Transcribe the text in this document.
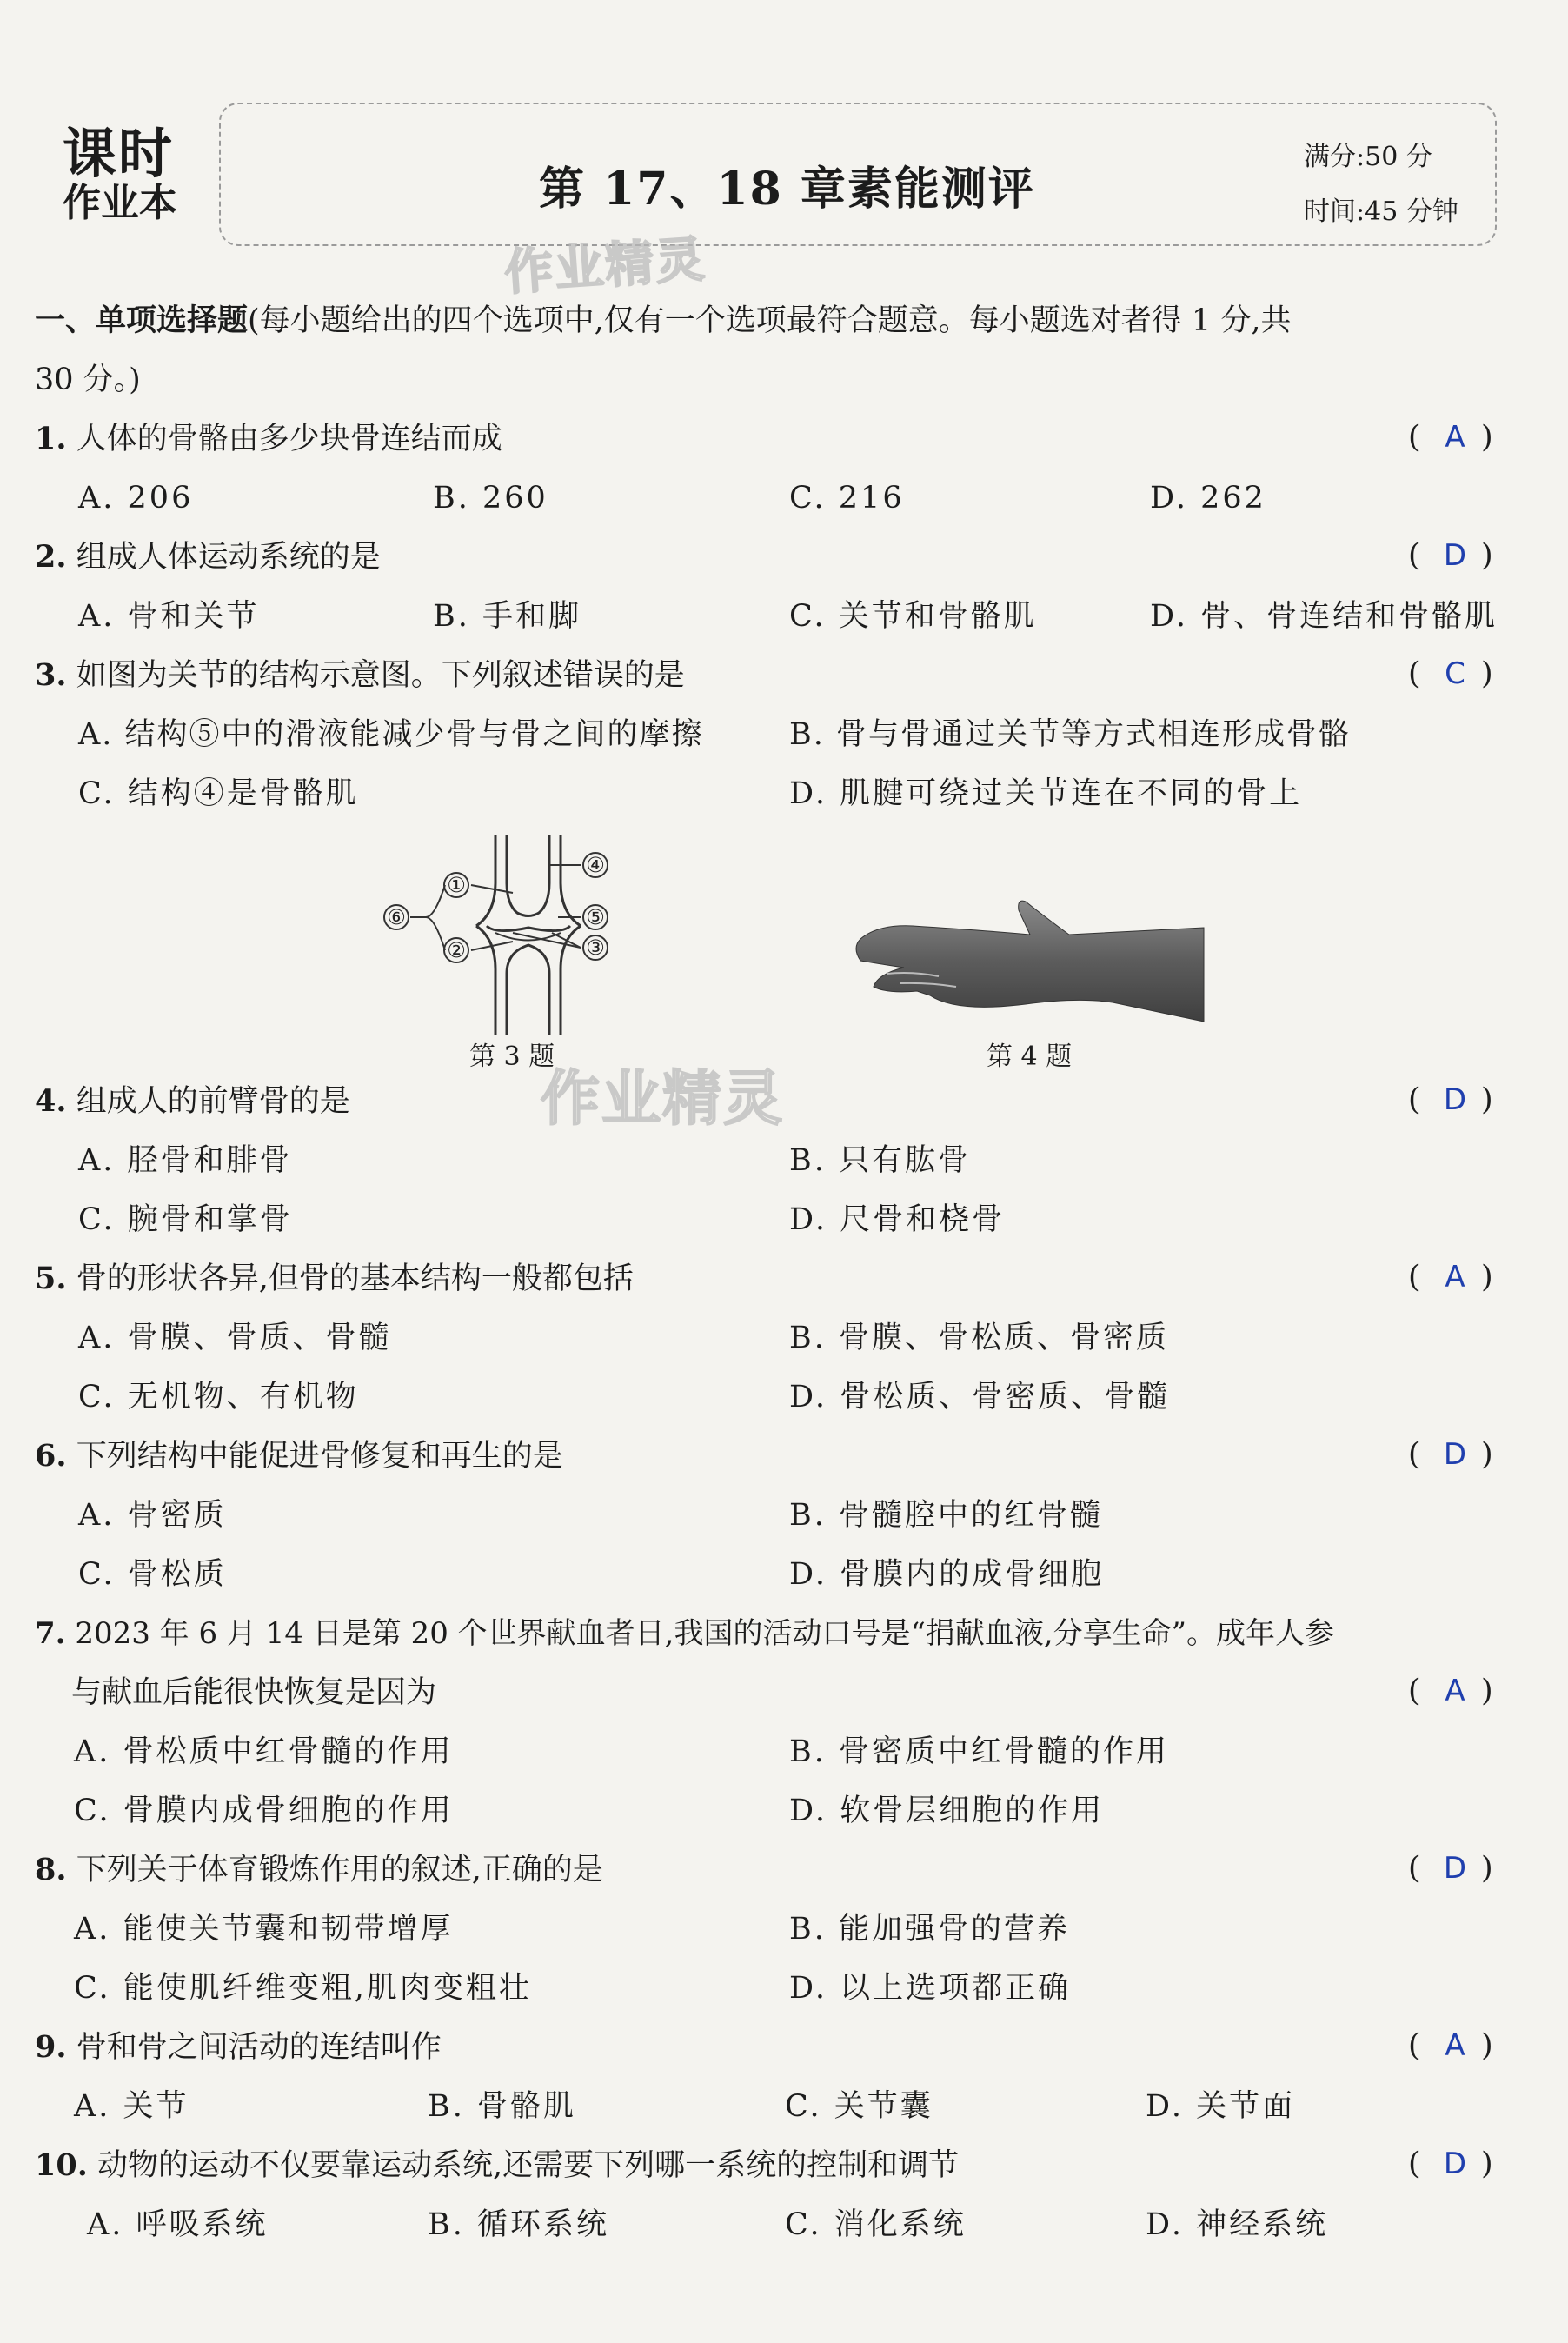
课时
作业本	第 17、18 章素能测评
满分:50 分
时间:45 分钟
作业精灵
作业精灵
一、单项选择题(每小题给出的四个选项中,仅有一个选项最符合题意。每小题选对者得 1 分,共
30 分。)
1. 人体的骨骼由多少块骨连结而成	( A )
A. 206	B. 260	C. 216	D. 262
2. 组成人体运动系统的是	( D )
A. 骨和关节	B. 手和脚	C. 关节和骨骼肌	D. 骨、骨连结和骨骼肌
3. 如图为关节的结构示意图。下列叙述错误的是	( C )
A. 结构⑤中的滑液能减少骨与骨之间的摩擦	B. 骨与骨通过关节等方式相连形成骨骼
C. 结构④是骨骼肌	D. 肌腱可绕过关节连在不同的骨上
①
②	③
④
⑤
⑥
第 3 题	第 4 题
4. 组成人的前臂骨的是	( D )
A. 胫骨和腓骨	B. 只有肱骨
C. 腕骨和掌骨	D. 尺骨和桡骨
5. 骨的形状各异,但骨的基本结构一般都包括	( A )
A. 骨膜、骨质、骨髓	B. 骨膜、骨松质、骨密质
C. 无机物、有机物	D. 骨松质、骨密质、骨髓
6. 下列结构中能促进骨修复和再生的是	( D )
A. 骨密质	B. 骨髓腔中的红骨髓
C. 骨松质	D. 骨膜内的成骨细胞
7. 2023 年 6 月 14 日是第 20 个世界献血者日,我国的活动口号是“捐献血液,分享生命”。成年人参
与献血后能很快恢复是因为	( A )
A. 骨松质中红骨髓的作用	B. 骨密质中红骨髓的作用
C. 骨膜内成骨细胞的作用	D. 软骨层细胞的作用
8. 下列关于体育锻炼作用的叙述,正确的是	( D )
A. 能使关节囊和韧带增厚	B. 能加强骨的营养
C. 能使肌纤维变粗,肌肉变粗壮	D. 以上选项都正确
9. 骨和骨之间活动的连结叫作	( A )
A. 关节	B. 骨骼肌	C. 关节囊	D. 关节面
10. 动物的运动不仅要靠运动系统,还需要下列哪一系统的控制和调节	( D )
A. 呼吸系统	B. 循环系统	C. 消化系统	D. 神经系统
